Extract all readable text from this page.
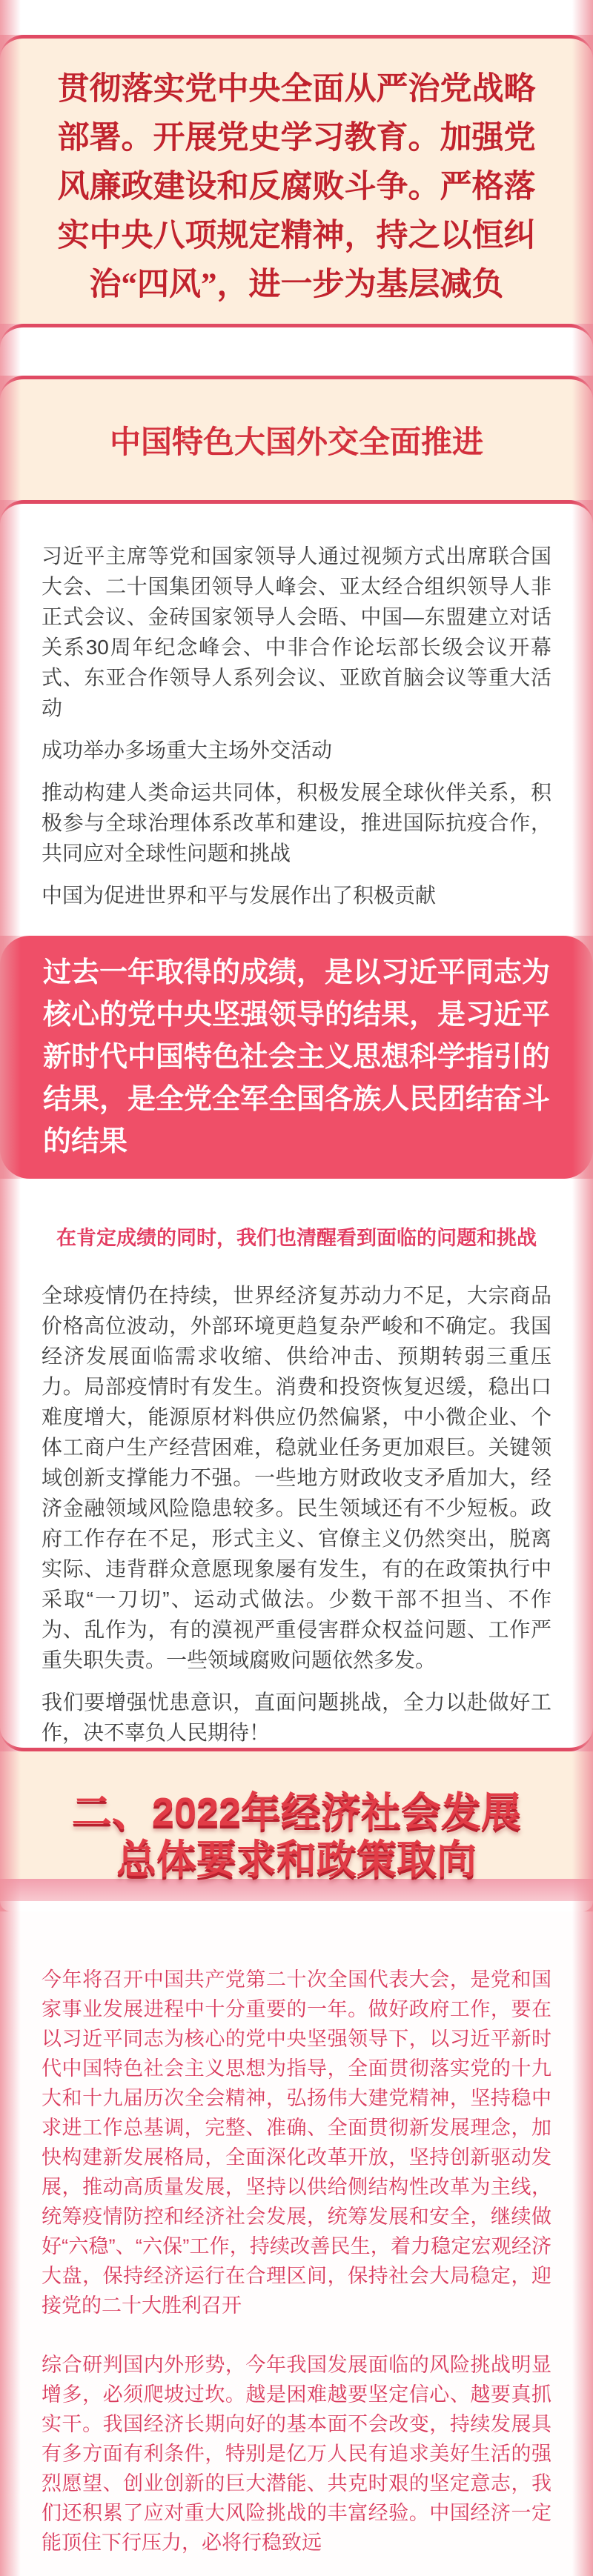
贯彻落实党中央全面从严治党战略部署。开展党史学习教育。加强党风廉政建设和反腐败斗争。严格落实中央八项规定精神，持之以恒纠治“四风”，进一步为基层减负

中国特色大国外交全面推进

习近平主席等党和国家领导人通过视频方式出席联合国大会、二十国集团领导人峰会、亚太经合组织领导人非正式会议、金砖国家领导人会晤、中国—东盟建立对话关系30周年纪念峰会、中非合作论坛部长级会议开幕式、东亚合作领导人系列会议、亚欧首脑会议等重大活动

成功举办多场重大主场外交活动

推动构建人类命运共同体，积极发展全球伙伴关系，积极参与全球治理体系改革和建设，推进国际抗疫合作，共同应对全球性问题和挑战

中国为促进世界和平与发展作出了积极贡献

过去一年取得的成绩，是以习近平同志为核心的党中央坚强领导的结果，是习近平新时代中国特色社会主义思想科学指引的结果，是全党全军全国各族人民团结奋斗的结果

在肯定成绩的同时，我们也清醒看到面临的问题和挑战

全球疫情仍在持续，世界经济复苏动力不足，大宗商品价格高位波动，外部环境更趋复杂严峻和不确定。我国经济发展面临需求收缩、供给冲击、预期转弱三重压力。局部疫情时有发生。消费和投资恢复迟缓，稳出口难度增大，能源原材料供应仍然偏紧，中小微企业、个体工商户生产经营困难，稳就业任务更加艰巨。关键领域创新支撑能力不强。一些地方财政收支矛盾加大，经济金融领域风险隐患较多。民生领域还有不少短板。政府工作存在不足，形式主义、官僚主义仍然突出，脱离实际、违背群众意愿现象屡有发生，有的在政策执行中采取“一刀切”、运动式做法。少数干部不担当、不作为、乱作为，有的漠视严重侵害群众权益问题、工作严重失职失责。一些领域腐败问题依然多发。

我们要增强忧患意识，直面问题挑战，全力以赴做好工作，决不辜负人民期待！

二、2022年经济社会发展
总体要求和政策取向

今年将召开中国共产党第二十次全国代表大会，是党和国家事业发展进程中十分重要的一年。做好政府工作，要在以习近平同志为核心的党中央坚强领导下，以习近平新时代中国特色社会主义思想为指导，全面贯彻落实党的十九大和十九届历次全会精神，弘扬伟大建党精神，坚持稳中求进工作总基调，完整、准确、全面贯彻新发展理念，加快构建新发展格局，全面深化改革开放，坚持创新驱动发展，推动高质量发展，坚持以供给侧结构性改革为主线，统筹疫情防控和经济社会发展，统筹发展和安全，继续做好“六稳”、“六保”工作，持续改善民生，着力稳定宏观经济大盘，保持经济运行在合理区间，保持社会大局稳定，迎接党的二十大胜利召开

综合研判国内外形势，今年我国发展面临的风险挑战明显增多，必须爬坡过坎。越是困难越要坚定信心、越要真抓实干。我国经济长期向好的基本面不会改变，持续发展具有多方面有利条件，特别是亿万人民有追求美好生活的强烈愿望、创业创新的巨大潜能、共克时艰的坚定意志，我们还积累了应对重大风险挑战的丰富经验。中国经济一定能顶住下行压力，必将行稳致远
